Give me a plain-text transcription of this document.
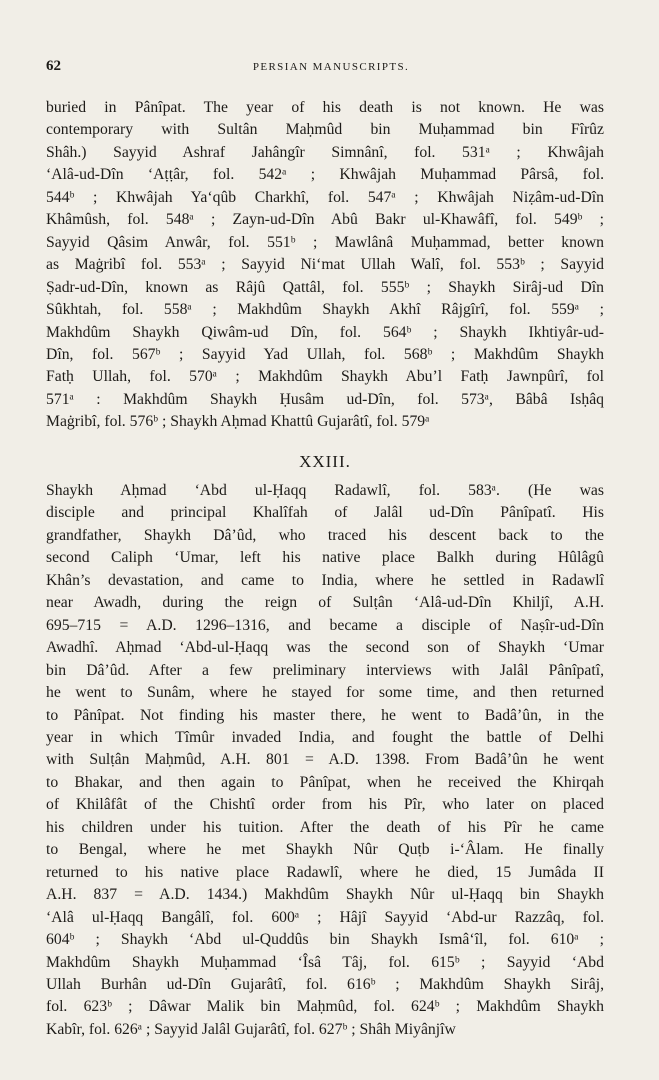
62	PERSIAN MANUSCRIPTS.
buried in Pânîpat. The year of his death is not known. He was
contemporary with Sultân Maḥmûd bin Muḥammad bin Fîrûz
Shâh.) Sayyid Ashraf Jahângîr Simnânî, fol. 531ᵃ ; Khwâjah
‘Alâ-ud-Dîn ‘Aṭṭâr, fol. 542ᵃ ; Khwâjah Muḥammad Pârsâ, fol.
544ᵇ ; Khwâjah Ya‘qûb Charkhî, fol. 547ᵃ ; Khwâjah Niẓâm-ud-Dîn
Khâmûsh, fol. 548ᵃ ; Zayn-ud-Dîn Abû Bakr ul-Khawâfî, fol. 549ᵇ ;
Sayyid Qâsim Anwâr, fol. 551ᵇ ; Mawlânâ Muḥammad, better known
as Maġribî fol. 553ᵃ ; Sayyid Ni‘mat Ullah Walî, fol. 553ᵇ ; Sayyid
Ṣadr-ud-Dîn, known as Râjû Qattâl, fol. 555ᵇ ; Shaykh Sirâj-ud Dîn
Sûkhtah, fol. 558ᵃ ; Makhdûm Shaykh Akhî Râjgîrî, fol. 559ᵃ ;
Makhdûm Shaykh Qiwâm-ud Dîn, fol. 564ᵇ ; Shaykh Ikhtiyâr-ud-
Dîn, fol. 567ᵇ ; Sayyid Yad Ullah, fol. 568ᵇ ; Makhdûm Shaykh
Fatḥ Ullah, fol. 570ᵃ ; Makhdûm Shaykh Abu’l Fatḥ Jawnpûrî, fol
571ᵃ : Makhdûm Shaykh Ḥusâm ud-Dîn, fol. 573ᵃ, Bâbâ Isḥâq
Maġribî, fol. 576ᵇ ; Shaykh Aḥmad Khattû Gujarâtî, fol. 579ᵃ
XXIII.
Shaykh Aḥmad ‘Abd ul-Ḥaqq Radawlî, fol. 583ᵃ. (He was
disciple and principal Khalîfah of Jalâl ud-Dîn Pânîpatî. His
grandfather, Shaykh Dâ’ûd, who traced his descent back to the
second Caliph ‘Umar, left his native place Balkh during Hûlâgû
Khân’s devastation, and came to India, where he settled in Radawlî
near Awadh, during the reign of Sulṭân ‘Alâ-ud-Dîn Khiljî, A.H.
695–715 = A.D. 1296–1316, and became a disciple of Naṣîr-ud-Dîn
Awadhî. Aḥmad ‘Abd-ul-Ḥaqq was the second son of Shaykh ‘Umar
bin Dâ’ûd. After a few preliminary interviews with Jalâl Pânîpatî,
he went to Sunâm, where he stayed for some time, and then returned
to Pânîpat. Not finding his master there, he went to Badâ’ûn, in the
year in which Tîmûr invaded India, and fought the battle of Delhi
with Sulṭân Maḥmûd, A.H. 801 = A.D. 1398. From Badâ’ûn he went
to Bhakar, and then again to Pânîpat, when he received the Khirqah
of Khilâfât of the Chishtî order from his Pîr, who later on placed
his children under his tuition. After the death of his Pîr he came
to Bengal, where he met Shaykh Nûr Quṭb i-‘Âlam. He finally
returned to his native place Radawlî, where he died, 15 Jumâda II
A.H. 837 = A.D. 1434.) Makhdûm Shaykh Nûr ul-Ḥaqq bin Shaykh
‘Alâ ul-Ḥaqq Bangâlî, fol. 600ᵃ ; Hâjî Sayyid ‘Abd-ur Razzâq, fol.
604ᵇ ; Shaykh ‘Abd ul-Quddûs bin Shaykh Ismâ‘îl, fol. 610ᵃ ;
Makhdûm Shaykh Muḥammad ‘Îsâ Tâj, fol. 615ᵇ ; Sayyid ‘Abd
Ullah Burhân ud-Dîn Gujarâtî, fol. 616ᵇ ; Makhdûm Shaykh Sirâj,
fol. 623ᵇ ; Dâwar Malik bin Maḥmûd, fol. 624ᵇ ; Makhdûm Shaykh
Kabîr, fol. 626ᵃ ; Sayyid Jalâl Gujarâtî, fol. 627ᵇ ; Shâh Miyânjîw
